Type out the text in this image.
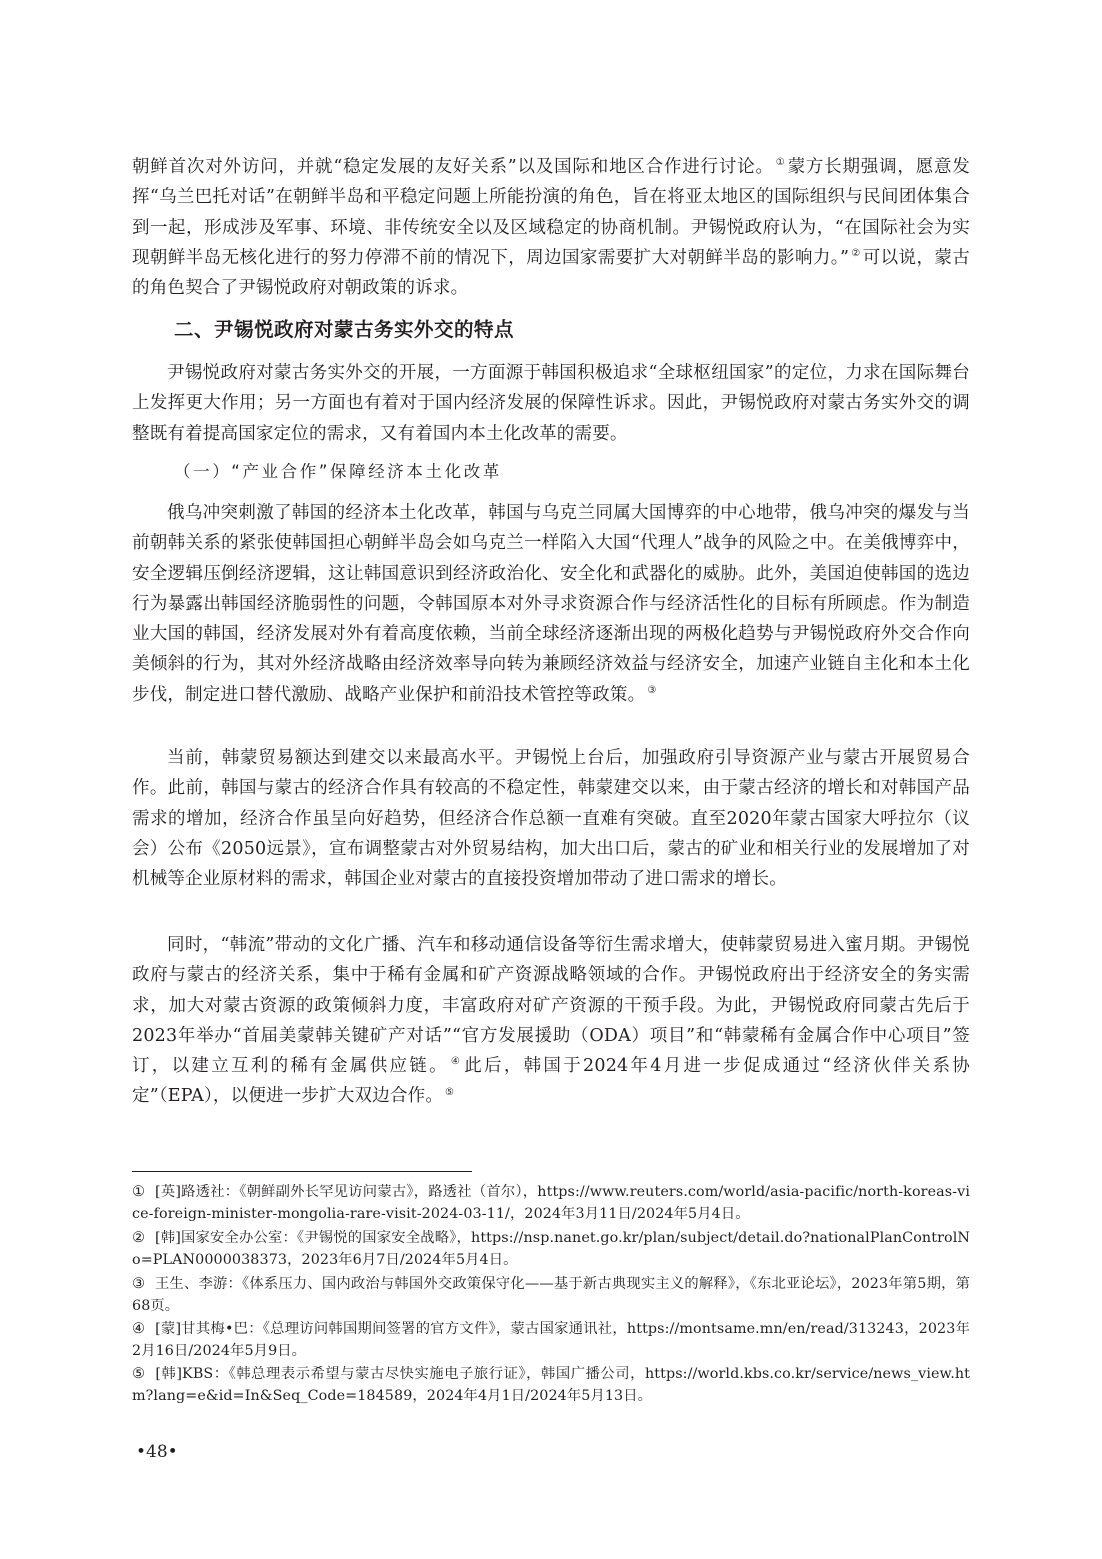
朝鲜首次对外访问，并就“稳定发展的友好关系”以及国际和地区合作进行讨论。 ① 蒙方长期强调，愿意发挥“乌兰巴托对话”在朝鲜半岛和平稳定问题上所能扮演的角色，旨在将亚太地区的国际组织与民间团体集合到一起，形成涉及军事、环境、非传统安全以及区域稳定的协商机制。尹锡悦政府认为，“在国际社会为实现朝鲜半岛无核化进行的努力停滞不前的情况下，周边国家需要扩大对朝鲜半岛的影响力。” ② 可以说，蒙古的角色契合了尹锡悦政府对朝政策的诉求。
二、尹锡悦政府对蒙古务实外交的特点
尹锡悦政府对蒙古务实外交的开展，一方面源于韩国积极追求“全球枢纽国家”的定位，力求在国际舞台上发挥更大作用；另一方面也有着对于国内经济发展的保障性诉求。因此，尹锡悦政府对蒙古务实外交的调整既有着提高国家定位的需求，又有着国内本土化改革的需要。
（一）“产业合作”保障经济本土化改革
俄乌冲突刺激了韩国的经济本土化改革，韩国与乌克兰同属大国博弈的中心地带，俄乌冲突的爆发与当前朝韩关系的紧张使韩国担心朝鲜半岛会如乌克兰一样陷入大国“代理人”战争的风险之中。在美俄博弈中，安全逻辑压倒经济逻辑，这让韩国意识到经济政治化、安全化和武器化的威胁。此外，美国迫使韩国的选边行为暴露出韩国经济脆弱性的问题，令韩国原本对外寻求资源合作与经济活性化的目标有所顾虑。作为制造业大国的韩国，经济发展对外有着高度依赖，当前全球经济逐渐出现的两极化趋势与尹锡悦政府外交合作向美倾斜的行为，其对外经济战略由经济效率导向转为兼顾经济效益与经济安全，加速产业链自主化和本土化步伐，制定进口替代激励、战略产业保护和前沿技术管控等政策。 ③
当前，韩蒙贸易额达到建交以来最高水平。尹锡悦上台后，加强政府引导资源产业与蒙古开展贸易合作。此前，韩国与蒙古的经济合作具有较高的不稳定性，韩蒙建交以来，由于蒙古经济的增长和对韩国产品需求的增加，经济合作虽呈向好趋势，但经济合作总额一直难有突破。直至2020年蒙古国家大呼拉尔（议会）公布《2050远景》，宣布调整蒙古对外贸易结构，加大出口后，蒙古的矿业和相关行业的发展增加了对机械等企业原材料的需求，韩国企业对蒙古的直接投资增加带动了进口需求的增长。
同时，“韩流”带动的文化广播、汽车和移动通信设备等衍生需求增大，使韩蒙贸易进入蜜月期。尹锡悦政府与蒙古的经济关系，集中于稀有金属和矿产资源战略领域的合作。尹锡悦政府出于经济安全的务实需求，加大对蒙古资源的政策倾斜力度，丰富政府对矿产资源的干预手段。为此，尹锡悦政府同蒙古先后于2023年举办“首届美蒙韩关键矿产对话”“官方发展援助（ODA）项目”和“韩蒙稀有金属合作中心项目”签订，以建立互利的稀有金属供应链。 ④ 此后，韩国于2024年4月进一步促成通过“经济伙伴关系协定”（EPA），以便进一步扩大双边合作。 ⑤
① [英]路透社：《朝鲜副外长罕见访问蒙古》，路透社（首尔），https://www.reuters.com/world/asia-pacific/north-koreas-vice-foreign-minister-mongolia-rare-visit-2024-03-11/，2024年3月11日/2024年5月4日。
② [韩]国家安全办公室：《尹锡悦的国家安全战略》，https://nsp.nanet.go.kr/plan/subject/detail.do?nationalPlanControlNo=PLAN0000038373，2023年6月7日/2024年5月4日。
③ 王生、李游：《体系压力、国内政治与韩国外交政策保守化——基于新古典现实主义的解释》，《东北亚论坛》，2023年第5期，第68页。
④ [蒙]甘其梅•巴：《总理访问韩国期间签署的官方文件》，蒙古国家通讯社，https://montsame.mn/en/read/313243，2023年2月16日/2024年5月9日。
⑤ [韩]KBS：《韩总理表示希望与蒙古尽快实施电子旅行证》，韩国广播公司，https://world.kbs.co.kr/service/news_view.htm?lang=e&id=In&Seq_Code=184589，2024年4月1日/2024年5月13日。
•48•
